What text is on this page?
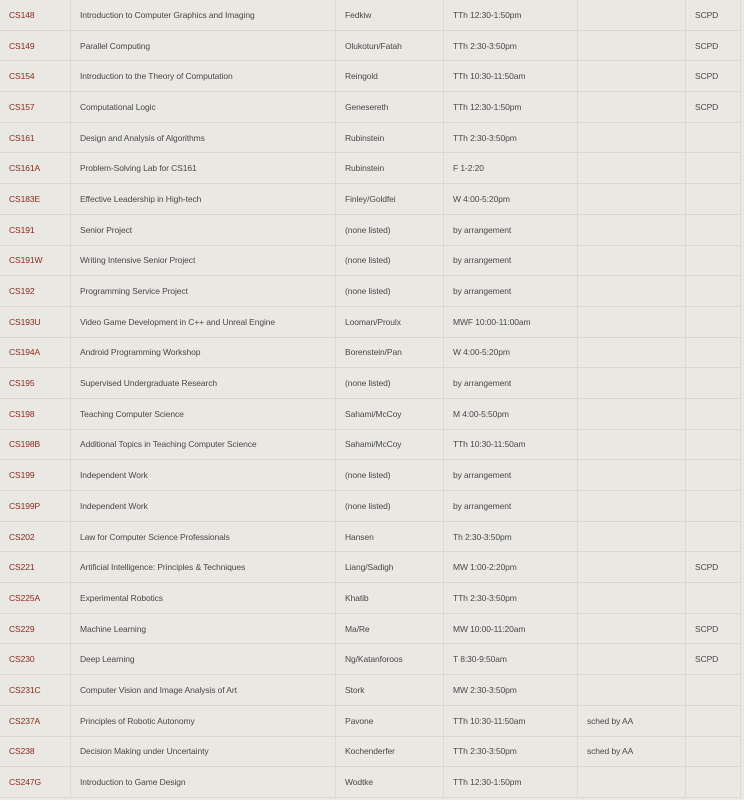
CS148	Introduction to Computer Graphics and Imaging	Fedkiw	TTh 12:30-1:50pm		SCPD
CS149	Parallel Computing	Olukotun/Fatah	TTh 2:30-3:50pm		SCPD
CS154	Introduction to the Theory of Computation	Reingold	TTh 10:30-11:50am		SCPD
CS157	Computational Logic	Genesereth	TTh 12:30-1:50pm		SCPD
CS161	Design and Analysis of Algorithms	Rubinstein	TTh 2:30-3:50pm		
CS161A	Problem-Solving Lab for CS161	Rubinstein	F 1-2:20		
CS183E	Effective Leadership in High-tech	Finley/Goldfei	W 4:00-5:20pm		
CS191	Senior Project	(none listed)	by arrangement		
CS191W	Writing Intensive Senior Project	(none listed)	by arrangement		
CS192	Programming Service Project	(none listed)	by arrangement		
CS193U	Video Game Development in C++ and Unreal Engine	Looman/Proulx	MWF 10:00-11:00am		
CS194A	Android Programming Workshop	Borenstein/Pan	W 4:00-5:20pm		
CS195	Supervised Undergraduate Research	(none listed)	by arrangement		
CS198	Teaching Computer Science	Sahami/McCoy	M 4:00-5:50pm		
CS198B	Additional Topics in Teaching Computer Science	Sahami/McCoy	TTh 10:30-11:50am		
CS199	Independent Work	(none listed)	by arrangement		
CS199P	Independent Work	(none listed)	by arrangement		
CS202	Law for Computer Science Professionals	Hansen	Th 2:30-3:50pm		
CS221	Artificial Intelligence: Principles & Techniques	Liang/Sadigh	MW 1:00-2:20pm		SCPD
CS225A	Experimental Robotics	Khatib	TTh 2:30-3:50pm		
CS229	Machine Learning	Ma/Re	MW 10:00-11:20am		SCPD
CS230	Deep Learning	Ng/Katanforoos	T 8:30-9:50am		SCPD
CS231C	Computer Vision and Image Analysis of Art	Stork	MW 2:30-3:50pm		
CS237A	Principles of Robotic Autonomy	Pavone	TTh 10:30-11:50am	sched by AA	
CS238	Decision Making under Uncertainty	Kochenderfer	TTh 2:30-3:50pm	sched by AA	
CS247G	Introduction to Game Design	Wodtke	TTh 12:30-1:50pm		
